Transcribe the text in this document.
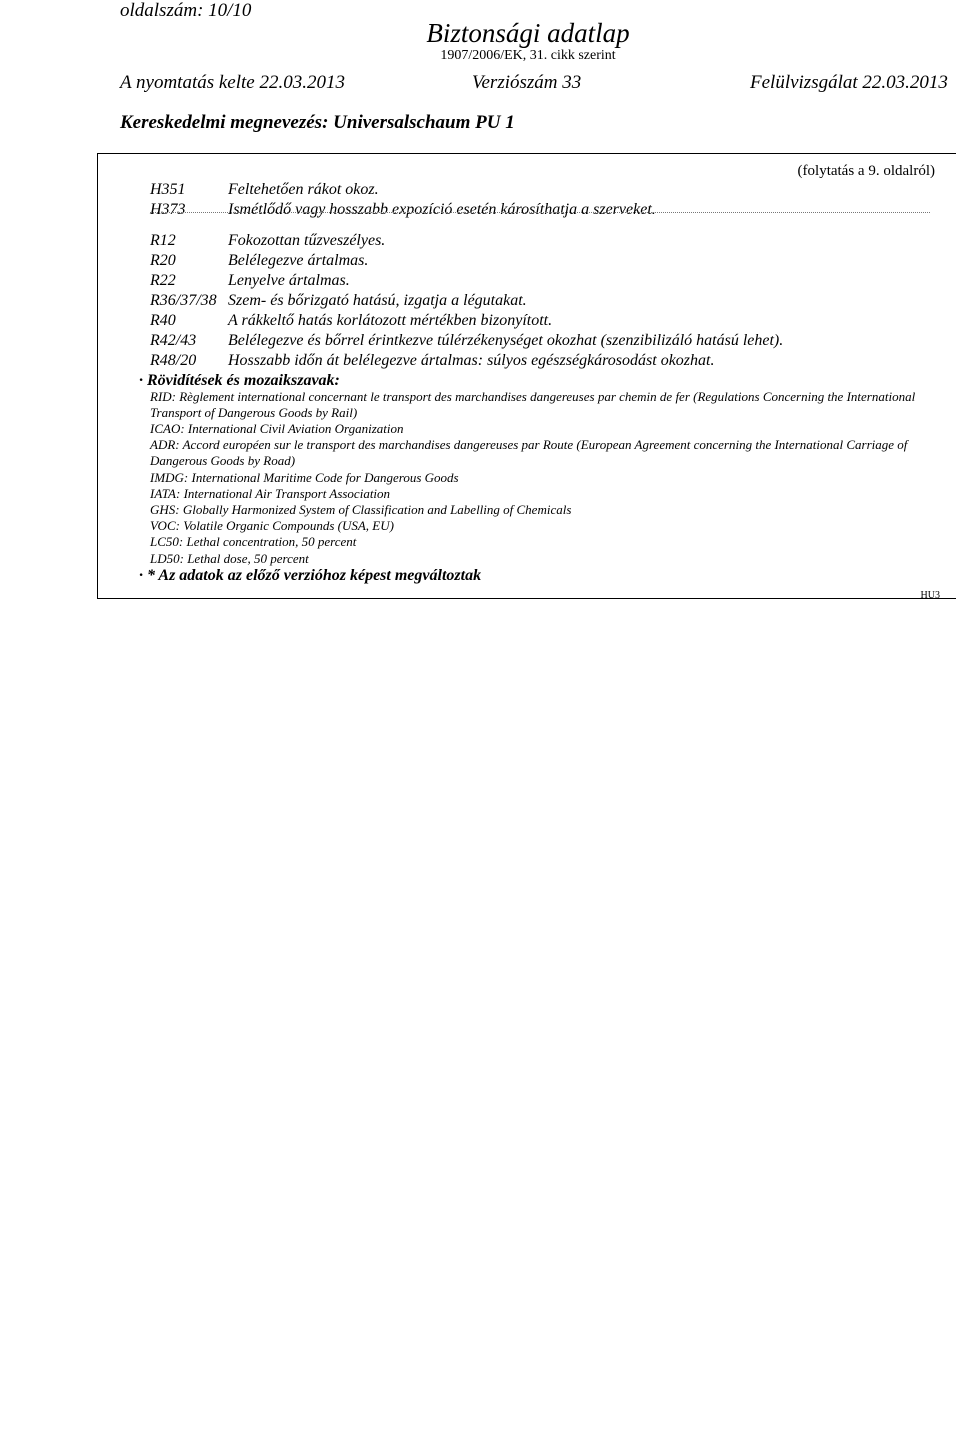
oldalszám: 10/10
Biztonsági adatlap
1907/2006/EK, 31. cikk szerint
A nyomtatás kelte 22.03.2013	Verziószám 33	Felülvizsgálat 22.03.2013
Kereskedelmi megnevezés: Universalschaum PU 1
(folytatás a 9. oldalról)
H351	Feltehetően rákot okoz.
H373	Ismétlődő vagy hosszabb expozíció esetén károsíthatja a szerveket.
R12	Fokozottan tűzveszélyes.
R20	Belélegezve ártalmas.
R22	Lenyelve ártalmas.
R36/37/38 Szem- és bőrizgató hatású, izgatja a légutakat.
R40	A rákkeltő hatás korlátozott mértékben bizonyított.
R42/43 Belélegezve és bőrrel érintkezve túlérzékenységet okozhat (szenzibilizáló hatású lehet).
R48/20 Hosszabb időn át belélegezve ártalmas: súlyos egészségkárosodást okozhat.
· Rövidítések és mozaikszavak:
RID: Règlement international concernant le transport des marchandises dangereuses par chemin de fer (Regulations Concerning the International Transport of Dangerous Goods by Rail)
ICAO: International Civil Aviation Organization
ADR: Accord européen sur le transport des marchandises dangereuses par Route (European Agreement concerning the International Carriage of Dangerous Goods by Road)
IMDG: International Maritime Code for Dangerous Goods
IATA: International Air Transport Association
GHS: Globally Harmonized System of Classification and Labelling of Chemicals
VOC: Volatile Organic Compounds (USA, EU)
LC50: Lethal concentration, 50 percent
LD50: Lethal dose, 50 percent
· * Az adatok az előző verzióhoz képest megváltoztak
HU3
